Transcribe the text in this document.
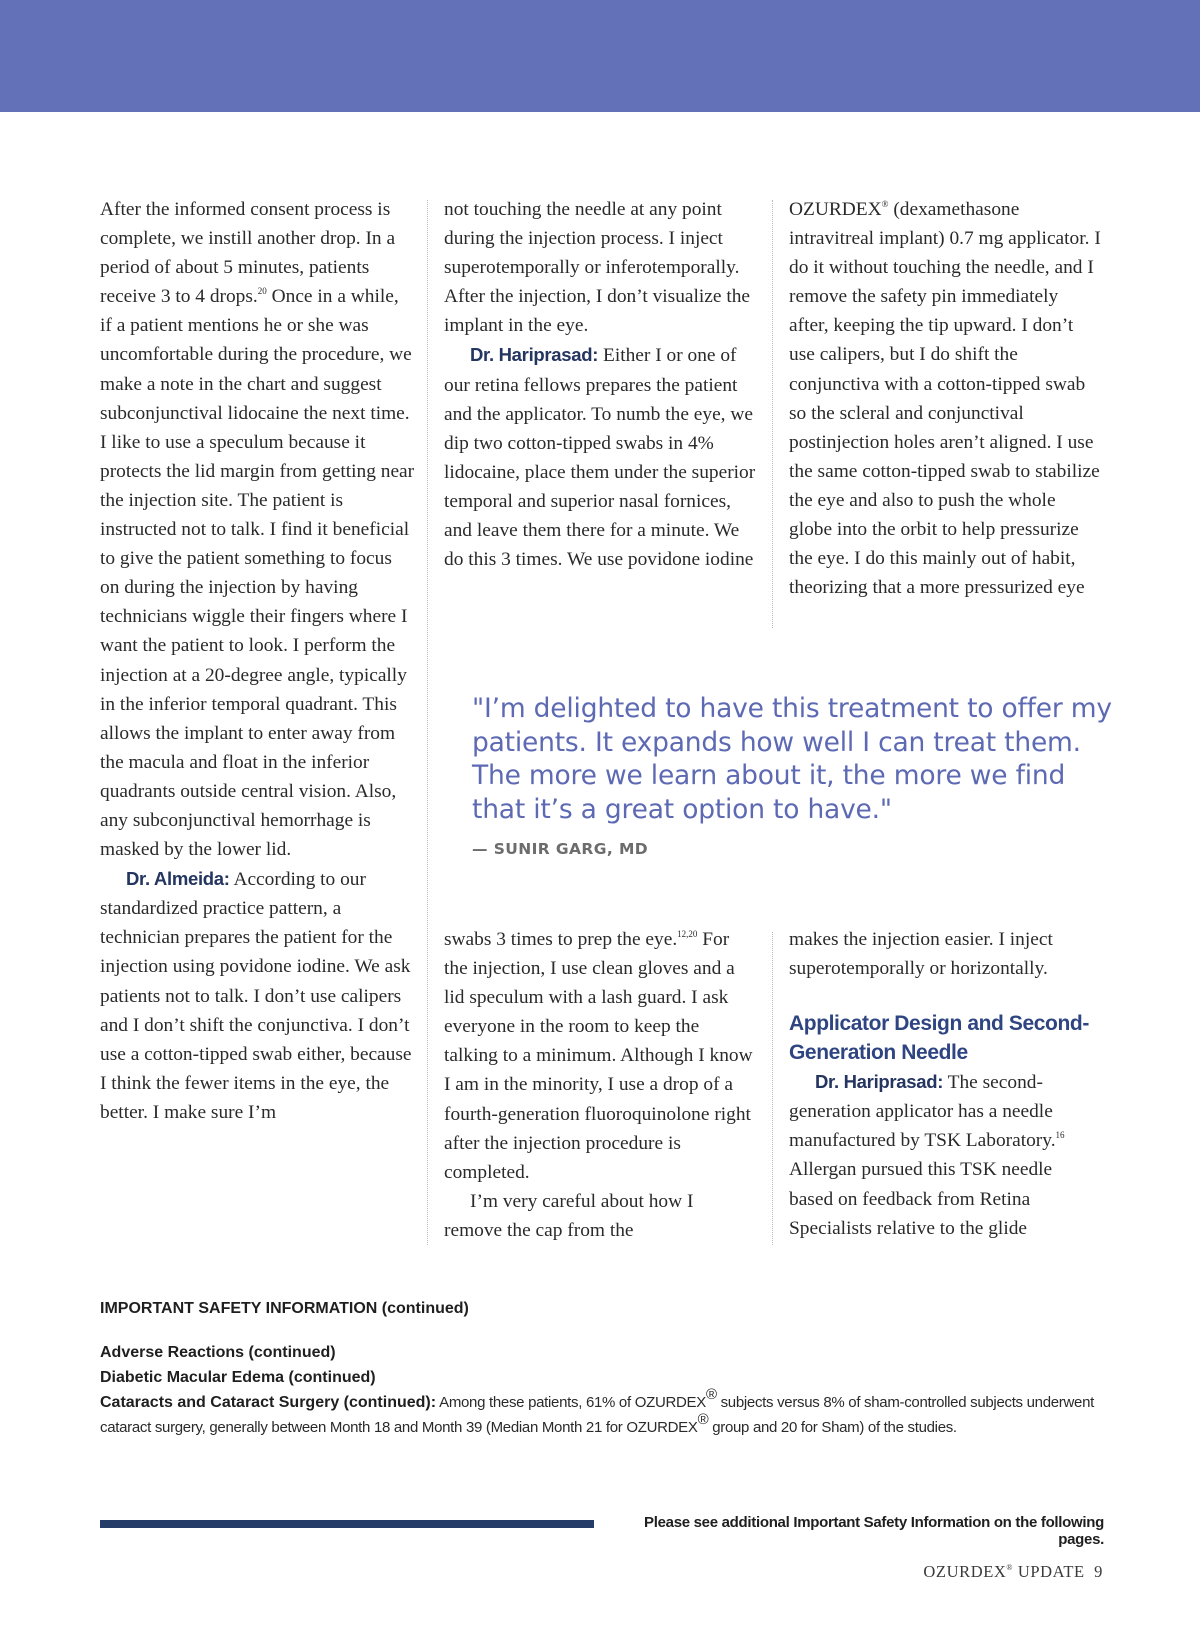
After the informed consent process is complete, we instill another drop. In a period of about 5 minutes, patients receive 3 to 4 drops.$^{20}$ Once in a while, if a patient mentions he or she was uncomfortable during the procedure, we make a note in the chart and suggest subconjunctival lidocaine the next time. I like to use a speculum because it protects the lid margin from getting near the injection site. The patient is instructed not to talk. I find it beneficial to give the patient something to focus on during the injection by having technicians wiggle their fingers where I want the patient to look. I perform the injection at a 20-degree angle, typically in the inferior temporal quadrant. This allows the implant to enter away from the macula and float in the inferior quadrants outside central vision. Also, any subconjunctival hemorrhage is masked by the lower lid.

Dr. Almeida: According to our standardized practice pattern, a technician prepares the patient for the injection using povidone iodine. We ask patients not to talk. I don’t use calipers and I don’t shift the conjunctiva. I don’t use a cotton-tipped swab either, because I think the fewer items in the eye, the better. I make sure I’m

not touching the needle at any point during the injection process. I inject superotemporally or inferotemporally. After the injection, I don’t visualize the implant in the eye.

Dr. Hariprasad: Either I or one of our retina fellows prepares the patient and the applicator. To numb the eye, we dip two cotton-tipped swabs in 4% lidocaine, place them under the superior temporal and superior nasal fornices, and leave them there for a minute. We do this 3 times. We use povidone iodine

OZURDEX® (dexamethasone intravitreal implant) 0.7 mg applicator. I do it without touching the needle, and I remove the safety pin immediately after, keeping the tip upward. I don’t use calipers, but I do shift the conjunctiva with a cotton-tipped swab so the scleral and conjunctival postinjection holes aren’t aligned. I use the same cotton-tipped swab to stabilize the eye and also to push the whole globe into the orbit to help pressurize the eye. I do this mainly out of habit, theorizing that a more pressurized eye

"I’m delighted to have this treatment to offer my patients. It expands how well I can treat them. The more we learn about it, the more we find that it’s a great option to have."
— SUNIR GARG, MD

swabs 3 times to prep the eye.$^{12,20}$ For the injection, I use clean gloves and a lid speculum with a lash guard. I ask everyone in the room to keep the talking to a minimum. Although I know I am in the minority, I use a drop of a fourth-generation fluoroquinolone right after the injection procedure is completed.

I’m very careful about how I remove the cap from the

makes the injection easier. I inject superotemporally or horizontally.

Applicator Design and Second-Generation Needle

Dr. Hariprasad: The second-generation applicator has a needle manufactured by TSK Laboratory.$^{16}$ Allergan pursued this TSK needle based on feedback from Retina Specialists relative to the glide

IMPORTANT SAFETY INFORMATION (continued)
Adverse Reactions (continued)
Diabetic Macular Edema (continued)
Cataracts and Cataract Surgery (continued): Among these patients, 61% of OZURDEX® subjects versus 8% of sham-controlled subjects underwent cataract surgery, generally between Month 18 and Month 39 (Median Month 21 for OZURDEX® group and 20 for Sham) of the studies.
Please see additional Important Safety Information on the following pages.
OZURDEX® UPDATE 9
